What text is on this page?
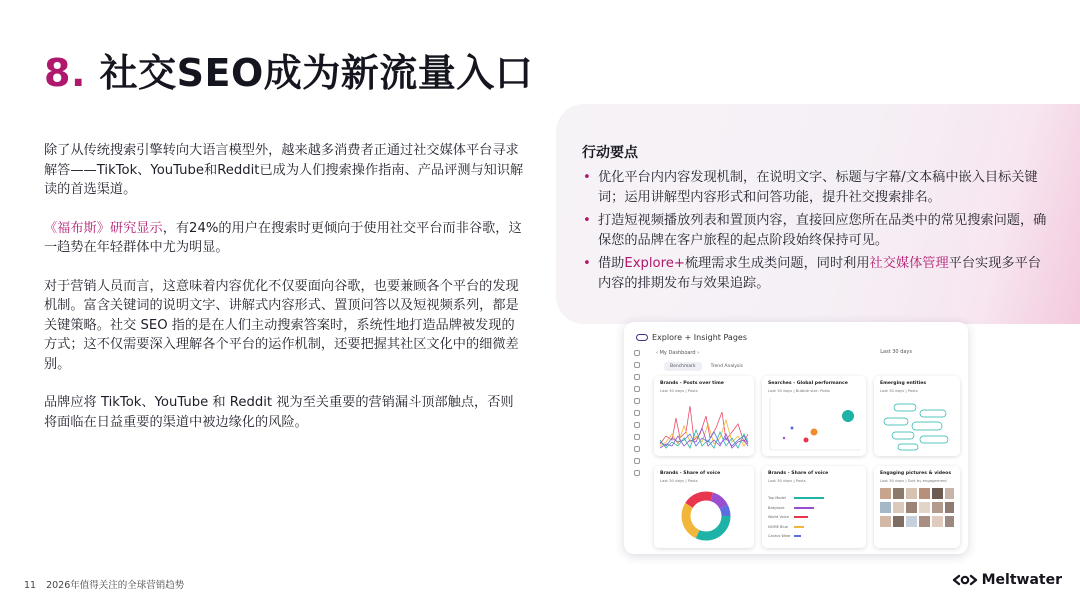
8. 社交SEO成为新流量入口

除了从传统搜索引擎转向大语言模型外，越来越多消费者正通过社交媒体平台寻求解答——TikTok、YouTube和Reddit已成为人们搜索操作指南、产品评测与知识解读的首选渠道。

《福布斯》研究显示，有24%的用户在搜索时更倾向于使用社交平台而非谷歌，这一趋势在年轻群体中尤为明显。

对于营销人员而言，这意味着内容优化不仅要面向谷歌，也要兼顾各个平台的发现机制。富含关键词的说明文字、讲解式内容形式、置顶问答以及短视频系列，都是关键策略。社交 SEO 指的是在人们主动搜索答案时，系统性地打造品牌被发现的方式；这不仅需要深入理解各个平台的运作机制，还要把握其社区文化中的细微差别。

品牌应将 TikTok、YouTube 和 Reddit 视为至关重要的营销漏斗顶部触点，否则将面临在日益重要的渠道中被边缘化的风险。

行动要点
• 优化平台内内容发现机制，在说明文字、标题与字幕/文本稿中嵌入目标关键词；运用讲解型内容形式和问答功能，提升社交搜索排名。
• 打造短视频播放列表和置顶内容，直接回应您所在品类中的常见搜索问题，确保您的品牌在客户旅程的起点阶段始终保持可见。
• 借助Explore+梳理需求生成类问题，同时利用社交媒体管理平台实现多平台内容的排期发布与效果追踪。
Explore + Insight Pages
‹ My Dashboard ›	Last 30 days
Benchmark	Trend Analysis
Brands - Posts over time
Last 30 days | Posts
Searches - Global performance
Last 30 days | Bubble size: Posts
Emerging entities
Last 30 days | Posts
Brands - Share of voice
Last 30 days | Posts
Brands - Share of voice
Last 30 days | Posts
Top Model
Babylook
World Voice
NOME Blue
Cactus Wear
Engaging pictures & videos
Last 30 days | Sort by engagement
11 2026年值得关注的全球营销趋势	Meltwater
